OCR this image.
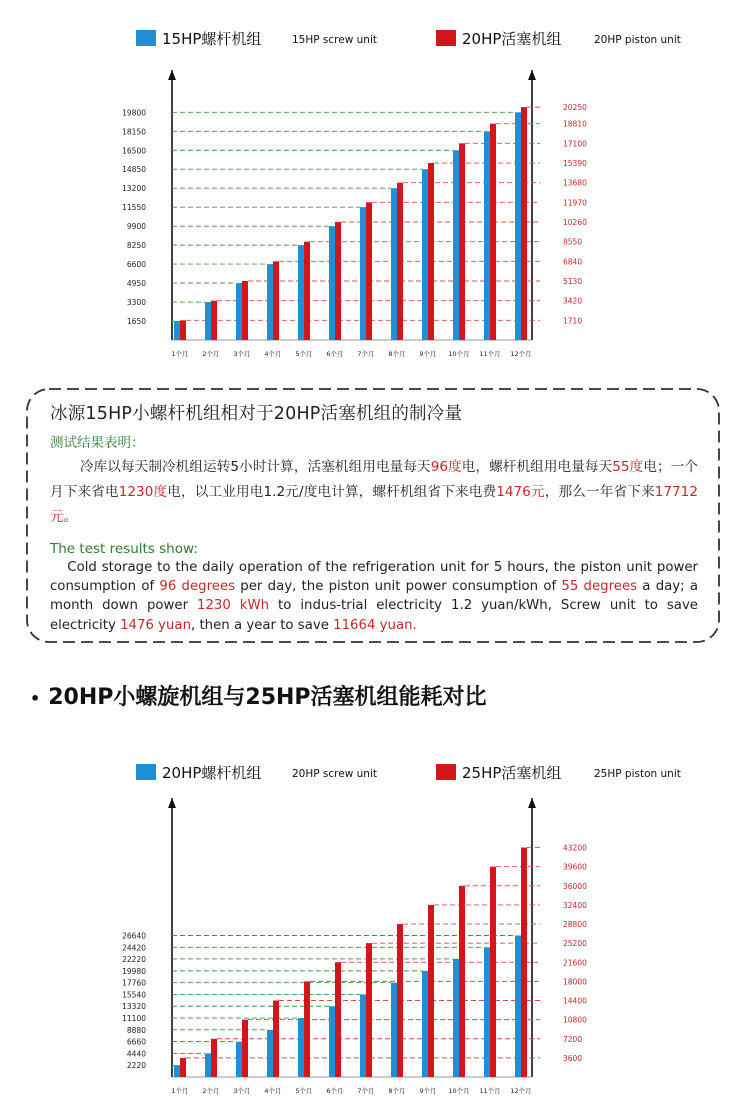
15HP螺杆机组	15HP screw unit	20HP活塞机组	20HP piston unit
1650
3300
4950
6600
8250
9900
11550
13200
14850
16500
18150
19800
1710
3420
5130
6840
8550
10260
11970
13680
15390
17100
18810
20250
1个月 2个月 3个月 4个月 5个月 6个月 7个月 8个月 9个月 10个月 11个月 12个月

冰源15HP小螺杆机组相对于20HP活塞机组的制冷量

测试结果表明：

冷库以每天制冷机组运转5小时计算，活塞机组用电量每天96度电，螺杆机组用电量每天55度电；一个月下来省电1230度电，以工业用电1.2元/度电计算，螺杆机组省下来电费1476元，那么一年省下来17712元。

The test results show:

Cold storage to the daily operation of the refrigeration unit for 5 hours, the piston unit power consumption of 96 degrees per day, the piston unit power consumption of 55 degrees a day; a month down power 1230 kWh to indus-trial electricity 1.2 yuan/kWh, Screw unit to save electricity 1476 yuan, then a year to save 11664 yuan.

• 20HP小螺旋机组与25HP活塞机组能耗对比

20HP螺杆机组	20HP screw unit	25HP活塞机组	25HP piston unit
2220
4440
6660
8880
11100
13320
15540
17760
19980
22220
24420
26640
3600
7200
10800
14400
18000
21600
25200
28800
32400
36000
39600
43200
1个月 2个月 3个月 4个月 5个月 6个月 7个月 8个月 9个月 10个月 11个月 12个月
